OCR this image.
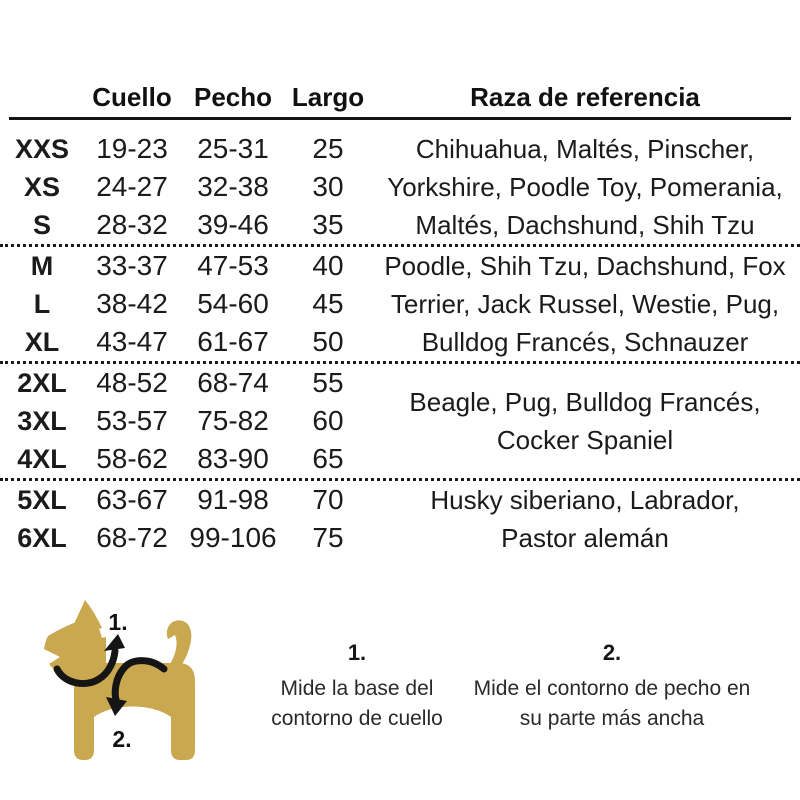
Cuello Pecho Largo	Raza de referencia
XXS 19-23	25-31	25
XS	24-27	32-38	30
S	28-32	39-46	35
Chihuahua, Maltés, Pinscher,
Yorkshire, Poodle Toy, Pomerania,
Maltés, Dachshund, Shih Tzu
M	33-37	47-53	40
L	38-42	54-60	45
XL	43-47	61-67	50
Poodle, Shih Tzu, Dachshund, Fox
Terrier, Jack Russel, Westie, Pug,
Bulldog Francés, Schnauzer
2XL	48-52	68-74	55
3XL	53-57	75-82	60
4XL	58-62	83-90	65
Beagle, Pug, Bulldog Francés,
Cocker Spaniel
5XL	63-67	91-98	70
6XL	68-72 99-106	75
Husky siberiano, Labrador,
Pastor alemán
1.
2.
1.
Mide la base del
contorno de cuello
2.
Mide el contorno de pecho en
su parte más ancha
